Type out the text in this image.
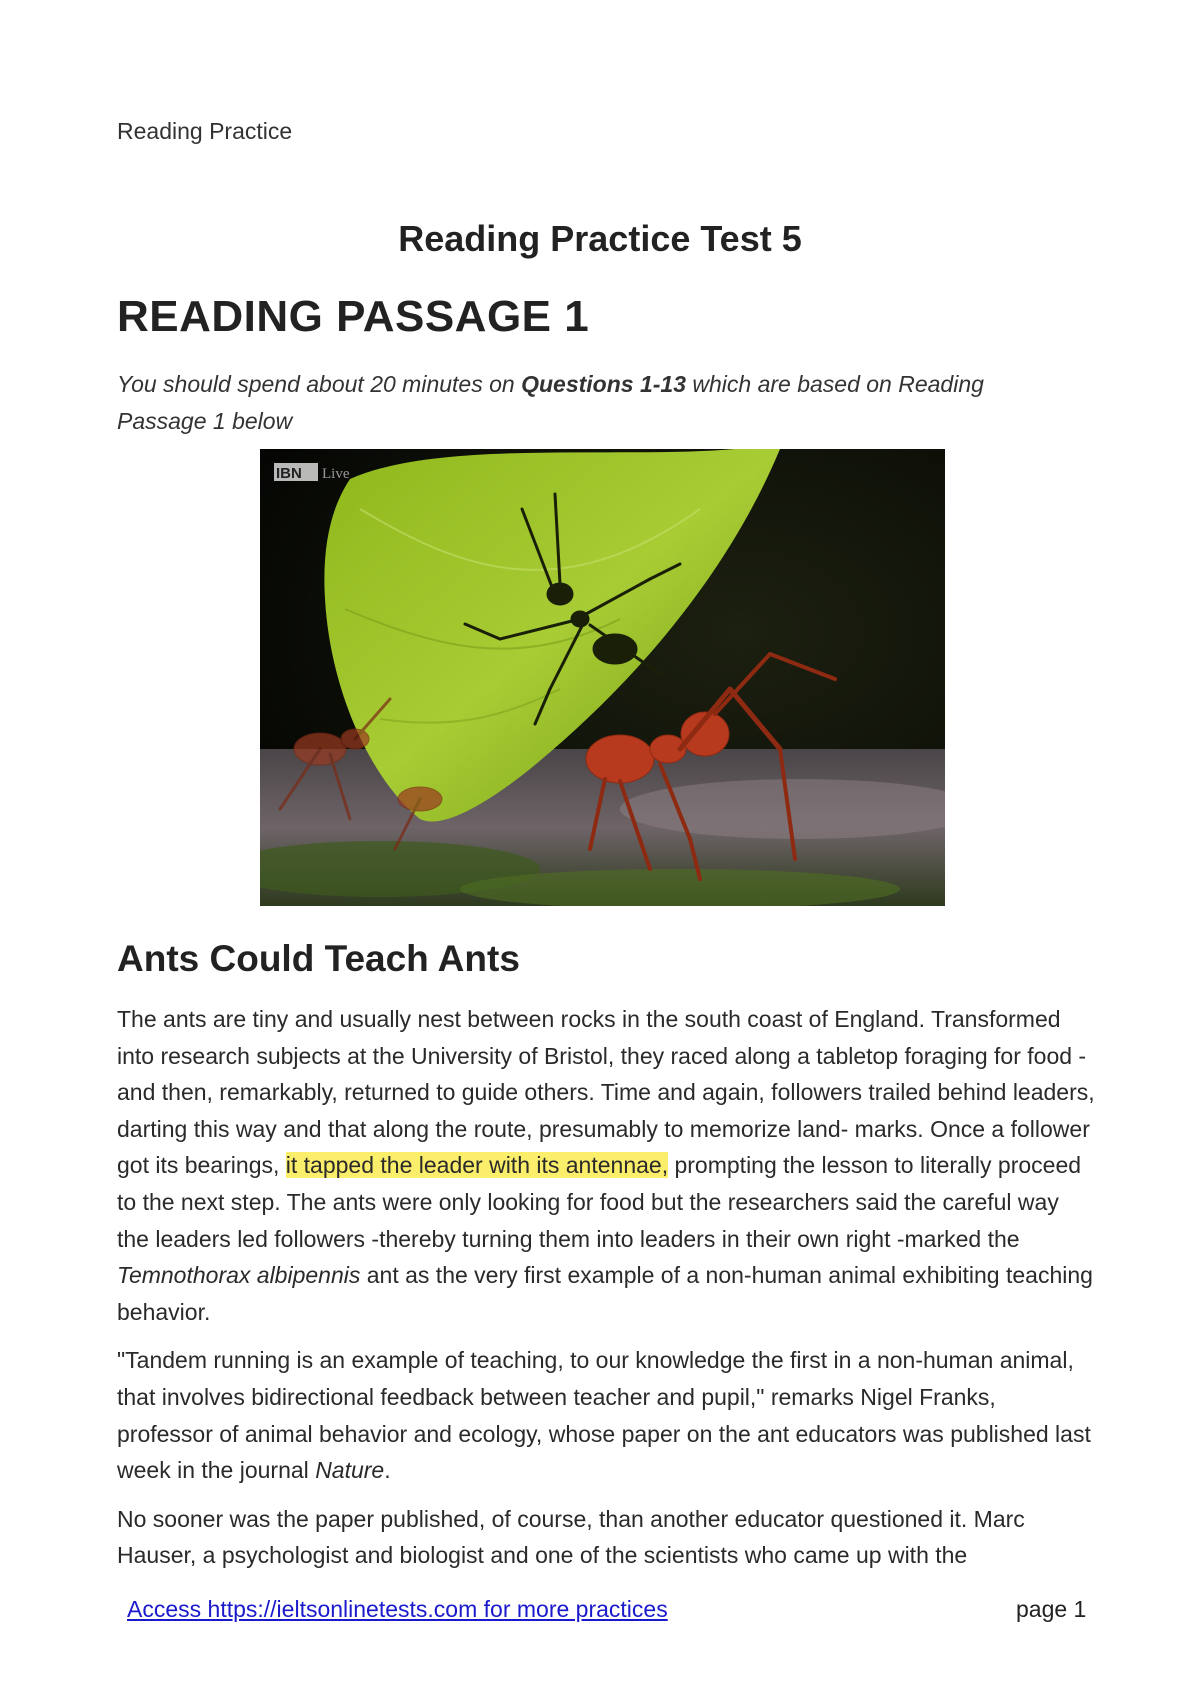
Reading Practice
Reading Practice Test 5
READING PASSAGE 1
You should spend about 20 minutes on Questions 1-13 which are based on Reading Passage 1 below
IBN Live
Ants Could Teach Ants

The ants are tiny and usually nest between rocks in the south coast of England. Transformed into research subjects at the University of Bristol, they raced along a tabletop foraging for food -and then, remarkably, returned to guide others. Time and again, followers trailed behind leaders, darting this way and that along the route, presumably to memorize land- marks. Once a follower got its bearings, it tapped the leader with its antennae, prompting the lesson to literally proceed to the next step. The ants were only looking for food but the researchers said the careful way the leaders led followers -thereby turning them into leaders in their own right -marked the Temnothorax albipennis ant as the very first example of a non-human animal exhibiting teaching behavior.

"Tandem running is an example of teaching, to our knowledge the first in a non-human animal, that involves bidirectional feedback between teacher and pupil," remarks Nigel Franks, professor of animal behavior and ecology, whose paper on the ant educators was published last week in the journal Nature.

No sooner was the paper published, of course, than another educator questioned it. Marc Hauser, a psychologist and biologist and one of the scientists who came up with the

Access https://ieltsonlinetests.com for more practices	page 1
